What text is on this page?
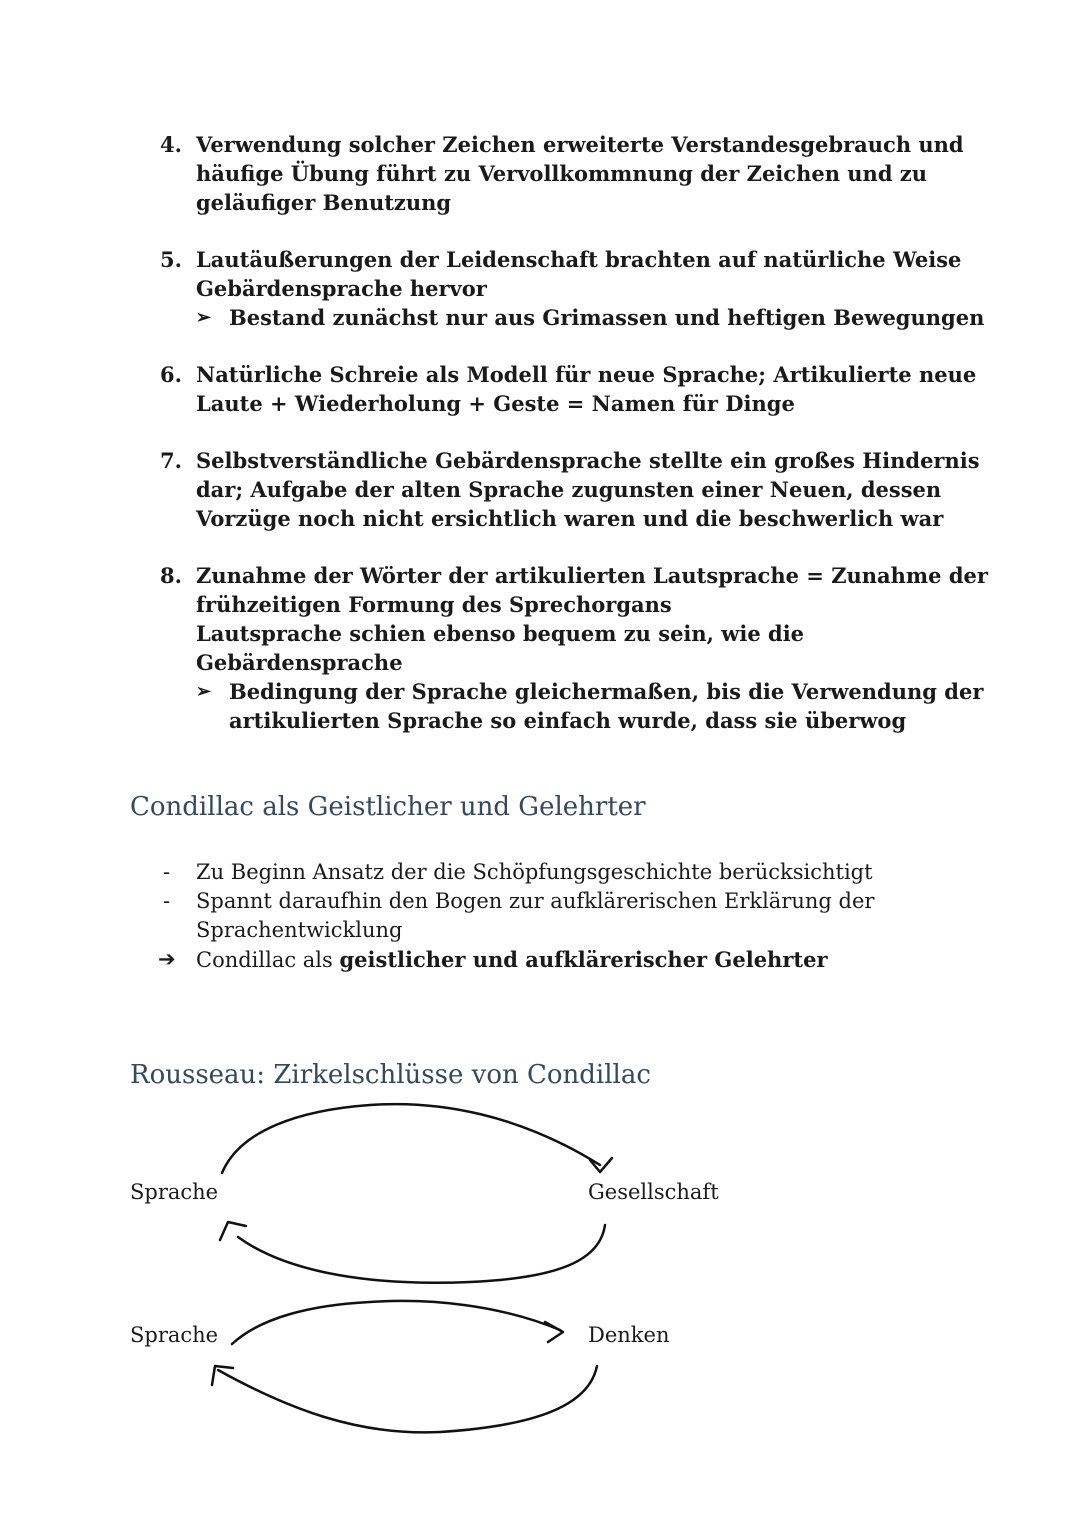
4. Verwendung solcher Zeichen erweiterte Verstandesgebrauch und
häufige Übung führt zu Vervollkommnung der Zeichen und zu
geläufiger Benutzung
5. Lautäußerungen der Leidenschaft brachten auf natürliche Weise
Gebärdensprache hervor
➢ Bestand zunächst nur aus Grimassen und heftigen Bewegungen
6. Natürliche Schreie als Modell für neue Sprache; Artikulierte neue
Laute + Wiederholung + Geste = Namen für Dinge
7. Selbstverständliche Gebärdensprache stellte ein großes Hindernis
dar; Aufgabe der alten Sprache zugunsten einer Neuen, dessen
Vorzüge noch nicht ersichtlich waren und die beschwerlich war
8. Zunahme der Wörter der artikulierten Lautsprache = Zunahme der
frühzeitigen Formung des Sprechorgans
Lautsprache schien ebenso bequem zu sein, wie die
Gebärdensprache
➢ Bedingung der Sprache gleichermaßen, bis die Verwendung der
artikulierten Sprache so einfach wurde, dass sie überwog
Condillac als Geistlicher und Gelehrter
- Zu Beginn Ansatz der die Schöpfungsgeschichte berücksichtigt
- Spannt daraufhin den Bogen zur aufklärerischen Erklärung der
Sprachentwicklung
➔ Condillac als geistlicher und aufklärerischer Gelehrter
Rousseau: Zirkelschlüsse von Condillac
Sprache	Gesellschaft
Sprache	Denken
